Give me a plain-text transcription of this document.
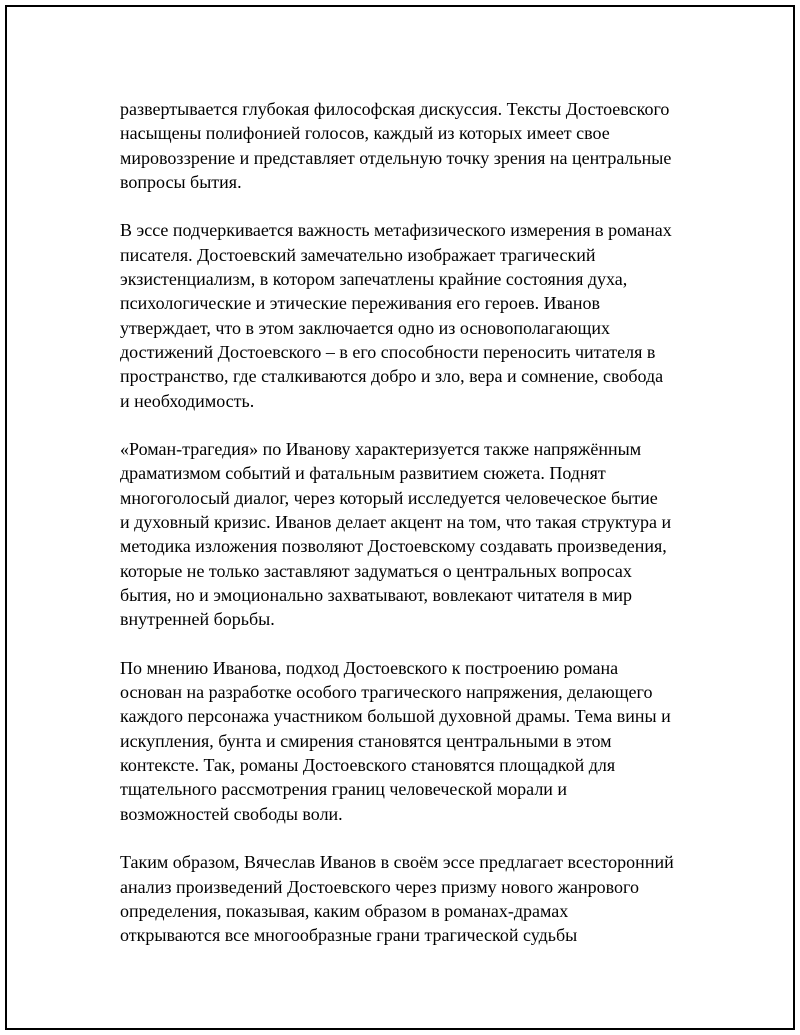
развертывается глубокая философская дискуссия. Тексты Достоевского
насыщены полифонией голосов, каждый из которых имеет свое
мировоззрение и представляет отдельную точку зрения на центральные
вопросы бытия.

В эссе подчеркивается важность метафизического измерения в романах
писателя. Достоевский замечательно изображает трагический
экзистенциализм, в котором запечатлены крайние состояния духа,
психологические и этические переживания его героев. Иванов
утверждает, что в этом заключается одно из основополагающих
достижений Достоевского – в его способности переносить читателя в
пространство, где сталкиваются добро и зло, вера и сомнение, свобода
и необходимость.

«Роман-трагедия» по Иванову характеризуется также напряжённым
драматизмом событий и фатальным развитием сюжета. Поднят
многоголосый диалог, через который исследуется человеческое бытие
и духовный кризис. Иванов делает акцент на том, что такая структура и
методика изложения позволяют Достоевскому создавать произведения,
которые не только заставляют задуматься о центральных вопросах
бытия, но и эмоционально захватывают, вовлекают читателя в мир
внутренней борьбы.

По мнению Иванова, подход Достоевского к построению романа
основан на разработке особого трагического напряжения, делающего
каждого персонажа участником большой духовной драмы. Тема вины и
искупления, бунта и смирения становятся центральными в этом
контексте. Так, романы Достоевского становятся площадкой для
тщательного рассмотрения границ человеческой морали и
возможностей свободы воли.

Таким образом, Вячеслав Иванов в своём эссе предлагает всесторонний
анализ произведений Достоевского через призму нового жанрового
определения, показывая, каким образом в романах-драмах
открываются все многообразные грани трагической судьбы
